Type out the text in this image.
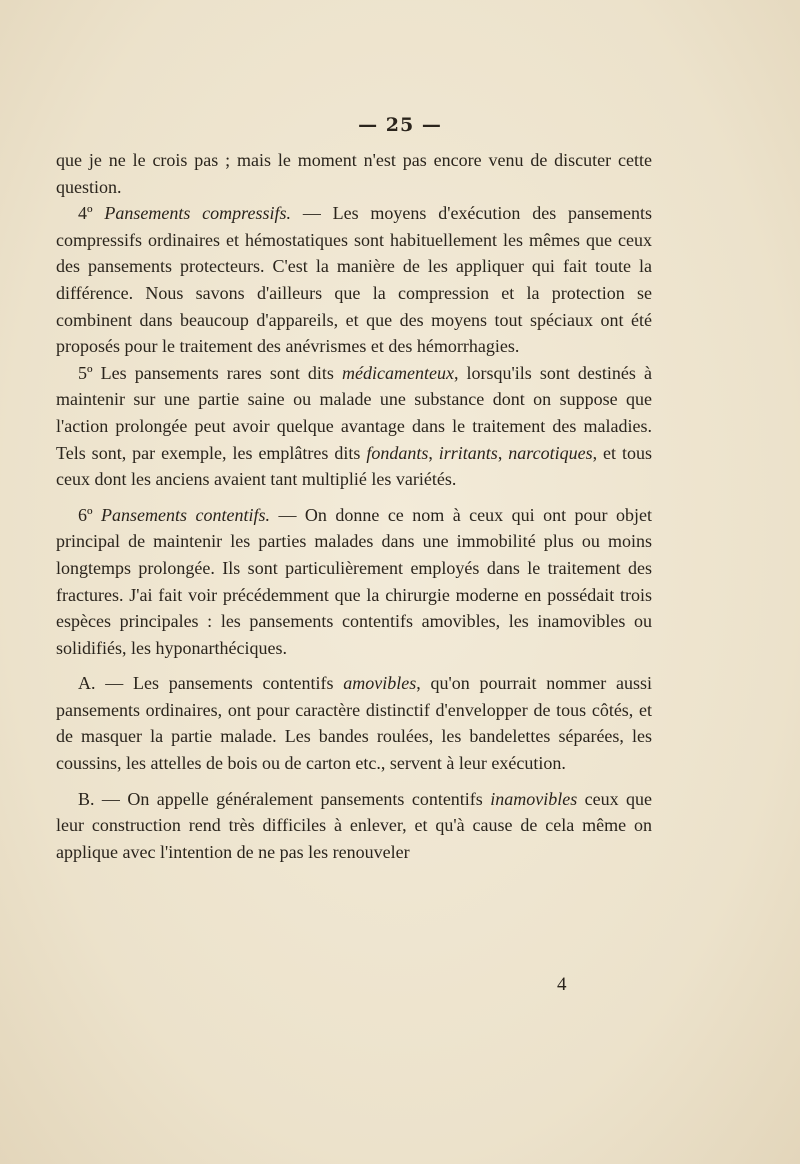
— 25 —

que je ne le crois pas ; mais le moment n'est pas encore venu de discuter cette question.

4º Pansements compressifs. — Les moyens d'exécution des pansements compressifs ordinaires et hémostatiques sont habituellement les mêmes que ceux des pansements protecteurs. C'est la manière de les appliquer qui fait toute la différence. Nous savons d'ailleurs que la compression et la protection se combinent dans beaucoup d'appareils, et que des moyens tout spéciaux ont été proposés pour le traitement des anévrismes et des hémorrhagies.

5º Les pansements rares sont dits médicamenteux, lorsqu'ils sont destinés à maintenir sur une partie saine ou malade une substance dont on suppose que l'action prolongée peut avoir quelque avantage dans le traitement des maladies. Tels sont, par exemple, les emplâtres dits fondants, irritants, narcotiques, et tous ceux dont les anciens avaient tant multiplié les variétés.

6º Pansements contentifs. — On donne ce nom à ceux qui ont pour objet principal de maintenir les parties malades dans une immobilité plus ou moins longtemps prolongée. Ils sont particulièrement employés dans le traitement des fractures. J'ai fait voir précédemment que la chirurgie moderne en possédait trois espèces principales : les pansements contentifs amovibles, les inamovibles ou solidifiés, les hyponarthéciques.

A. — Les pansements contentifs amovibles, qu'on pourrait nommer aussi pansements ordinaires, ont pour caractère distinctif d'envelopper de tous côtés, et de masquer la partie malade. Les bandes roulées, les bandelettes séparées, les coussins, les attelles de bois ou de carton etc., servent à leur exécution.

B. — On appelle généralement pansements contentifs inamovibles ceux que leur construction rend très difficiles à enlever, et qu'à cause de cela même on applique avec l'intention de ne pas les renouveler

4
